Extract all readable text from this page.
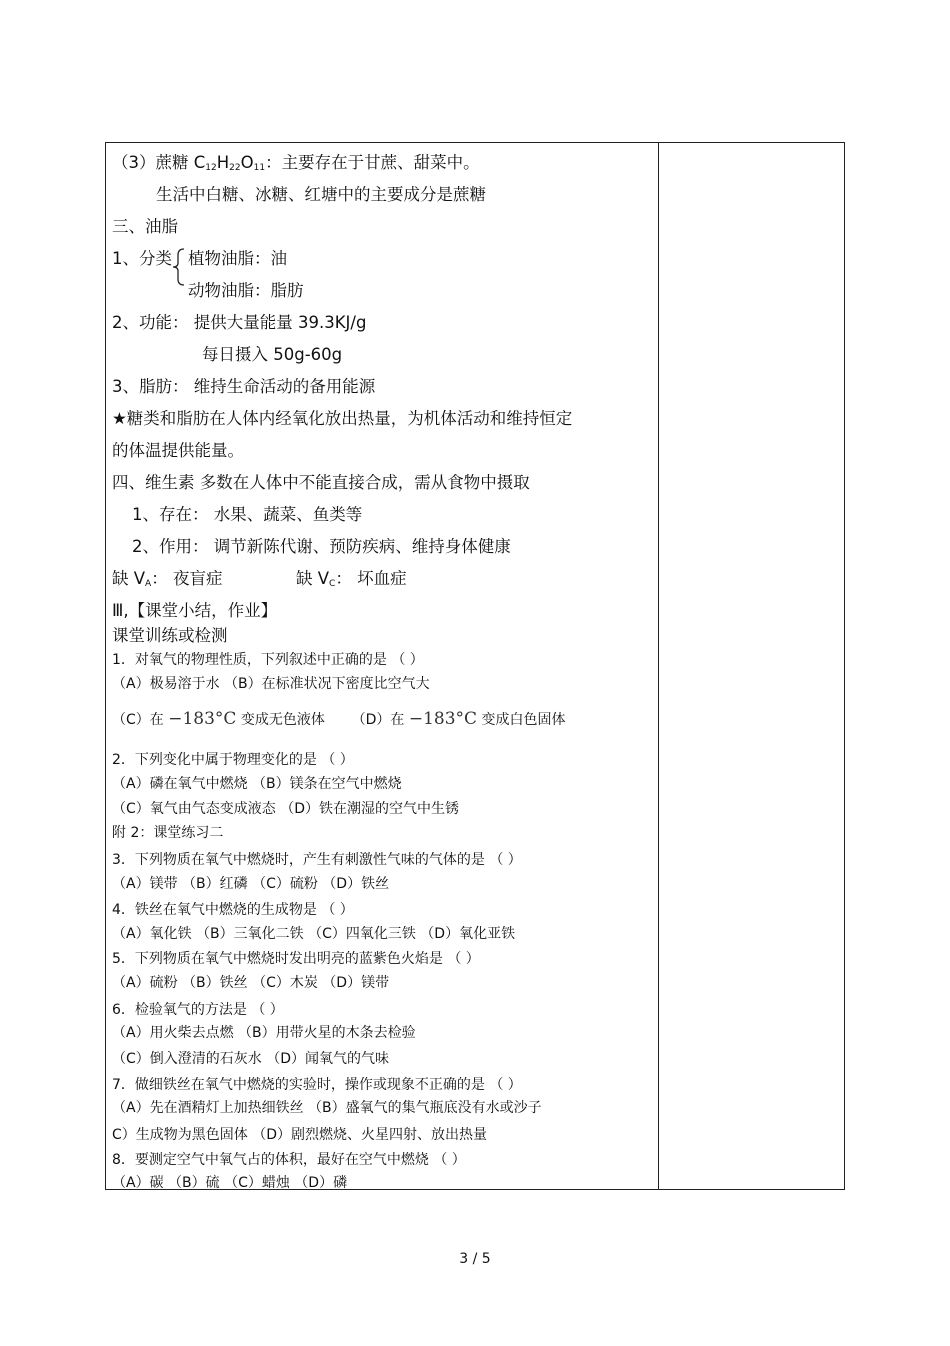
（3）蔗糖 $C_{12}H_{22}O_{11}$：主要存在于甘蔗、甜菜中。
生活中白糖、冰糖、红塘中的主要成分是蔗糖
三、油脂
1、分类 植物油脂：油
动物油脂：脂肪
2、功能： 提供大量能量 39.3KJ/g
每日摄入 50g-60g
3、脂肪： 维持生命活动的备用能源
★糖类和脂肪在人体内经氧化放出热量，为机体活动和维持恒定
的体温提供能量。
四、维生素 多数在人体中不能直接合成，需从食物中摄取
1、存在： 水果、蔬菜、鱼类等
2、作用： 调节新陈代谢、预防疾病、维持身体健康
缺 $V_A$： 夜盲症	缺 $V_C$： 坏血症
Ⅲ,【课堂小结，作业】
课堂训练或检测
1．对氧气的物理性质，下列叙述中正确的是 （ ）
（A）极易溶于水 （B）在标准状况下密度比空气大
（C）在 −183°C 变成无色液体 （D）在 −183°C 变成白色固体
2．下列变化中属于物理变化的是 （ ）
（A）磷在氧气中燃烧 （B）镁条在空气中燃烧
（C）氧气由气态变成液态 （D）铁在潮湿的空气中生锈
附 2：课堂练习二
3．下列物质在氧气中燃烧时，产生有刺激性气味的气体的是 （ ）
（A）镁带 （B）红磷 （C）硫粉 （D）铁丝
4．铁丝在氧气中燃烧的生成物是 （ ）
（A）氧化铁 （B）三氧化二铁 （C）四氧化三铁 （D）氧化亚铁
5．下列物质在氧气中燃烧时发出明亮的蓝紫色火焰是 （ ）
（A）硫粉 （B）铁丝 （C）木炭 （D）镁带
6．检验氧气的方法是 （ ）
（A）用火柴去点燃 （B）用带火星的木条去检验
（C）倒入澄清的石灰水 （D）闻氧气的气味
7．做细铁丝在氧气中燃烧的实验时，操作或现象不正确的是 （ ）
（A）先在酒精灯上加热细铁丝 （B）盛氧气的集气瓶底没有水或沙子
C）生成物为黑色固体 （D）剧烈燃烧、火星四射、放出热量
8．要测定空气中氧气占的体积，最好在空气中燃烧 （ ）
（A）碳 （B）硫 （C）蜡烛 （D）磷
3 / 5
